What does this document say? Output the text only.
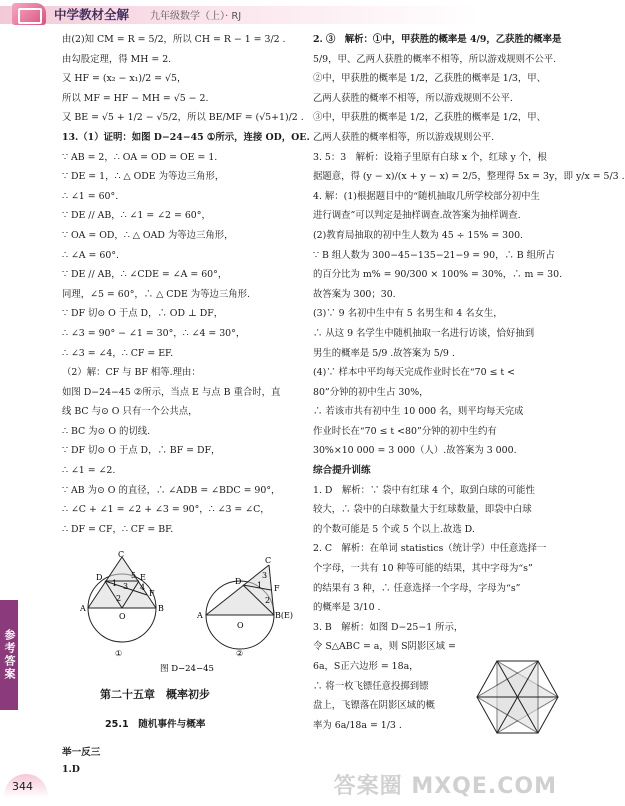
中学教材全解 九年级数学（上）· RJ

由(2)知 CM = R = 5/2，所以 CH = R − 1 = 3/2 .

由勾股定理，得 MH = 2.

又 HF = (x₂ − x₁)/2 = √5，

所以 MF = HF − MH = √5 − 2.

又 BE = √5 + 1/2 − √5/2，所以 BE/MF = (√5+1)/2 .

13.（1）证明：如图 D−24−45 ①所示，连接 OD，OE.

∵ AB = 2，∴ OA = OD = OE = 1.

∵ DE = 1，∴ △ ODE 为等边三角形，

∴ ∠1 = 60°.

∵ DE // AB，∴ ∠1 = ∠2 = 60°，

∵ OA = OD，∴ △ OAD 为等边三角形，

∴ ∠A = 60°.

∵ DE // AB，∴ ∠CDE = ∠A = 60°，

同理，∠5 = 60°，∴ △ CDE 为等边三角形.

∵ DF 切⊙ O 于点 D，∴ OD ⊥ DF，

∴ ∠3 = 90° − ∠1 = 30°，∴ ∠4 = 30°，

∴ ∠3 = ∠4，∴ CF = EF.

（2）解：CF 与 BF 相等.理由：

如图 D−24−45 ②所示，当点 E 与点 B 重合时，直

线 BC 与⊙ O 只有一个公共点，

∴ BC 为⊙ O 的切线.

∵ DF 切⊙ O 于点 D，∴ BF = DF，

∴ ∠1 = ∠2.

∵ AB 为⊙ O 的直径，∴ ∠ADB = ∠BDC = 90°，

∴ ∠C + ∠1 = ∠2 + ∠3 = 90°，∴ ∠3 = ∠C，

∴ DF = CF，∴ CF = BF.

C
E
D
F
A	B
O
1
2
3 4
5
①
C
D
F
A	B(E)
O
1
2
3
②
图 D−24−45
第二十五章　概率初步
25.1　随机事件与概率
举一反三
1.D

2. ③　解析：①中，甲获胜的概率是 4/9，乙获胜的概率是

5/9，甲、乙两人获胜的概率不相等，所以游戏规则不公平.

②中，甲获胜的概率是 1/2，乙获胜的概率是 1/3，甲、

乙两人获胜的概率不相等，所以游戏规则不公平.

③中，甲获胜的概率是 1/2，乙获胜的概率是 1/2，甲、

乙两人获胜的概率相等，所以游戏规则公平.

3. 5：3　解析：设箱子里原有白球 x 个，红球 y 个，根

据题意，得 (y − x)/(x + y − x) = 2/5，整理得 5x = 3y，即 y/x = 5/3 .

4. 解：(1)根据题目中的“随机抽取几所学校部分初中生

进行调查”可以判定是抽样调查.故答案为抽样调查.

(2)教育局抽取的初中生人数为 45 ÷ 15% = 300.

∵ B 组人数为 300−45−135−21−9 = 90，∴ B 组所占

的百分比为 m% = 90/300 × 100% = 30%，∴ m = 30.

故答案为 300；30.

(3)∵ 9 名初中生中有 5 名男生和 4 名女生，

∴ 从这 9 名学生中随机抽取一名进行访谈，恰好抽到

男生的概率是 5/9 .故答案为 5/9 .

(4)∵ 样本中平均每天完成作业时长在“70 ≤ t <

80”分钟的初中生占 30%，

∴ 若该市共有初中生 10 000 名，则平均每天完成

作业时长在“70 ≤ t <80”分钟的初中生约有

30%×10 000 = 3 000（人）.故答案为 3 000.

综合提升训练

1. D　解析：∵ 袋中有红球 4 个，取到白球的可能性

较大，∴ 袋中的白球数量大于红球数量，即袋中白球

的个数可能是 5 个或 5 个以上.故选 D.

2. C　解析：在单词 statistics（统计学）中任意选择一

个字母，一共有 10 种等可能的结果，其中字母为“s”

的结果有 3 种，∴ 任意选择一个字母，字母为“s”

的概率是 3/10 .

3. B　解析：如图 D−25−1 所示，

令 S△ABC = a，则 S阴影区域 =

6a，S正六边形 = 18a，

∴ 将一枚飞镖任意投掷到镖

盘上，飞镖落在阴影区域的概

率为 6a/18a = 1/3 .

参考答案
344	答案圈 MXQE.COM
